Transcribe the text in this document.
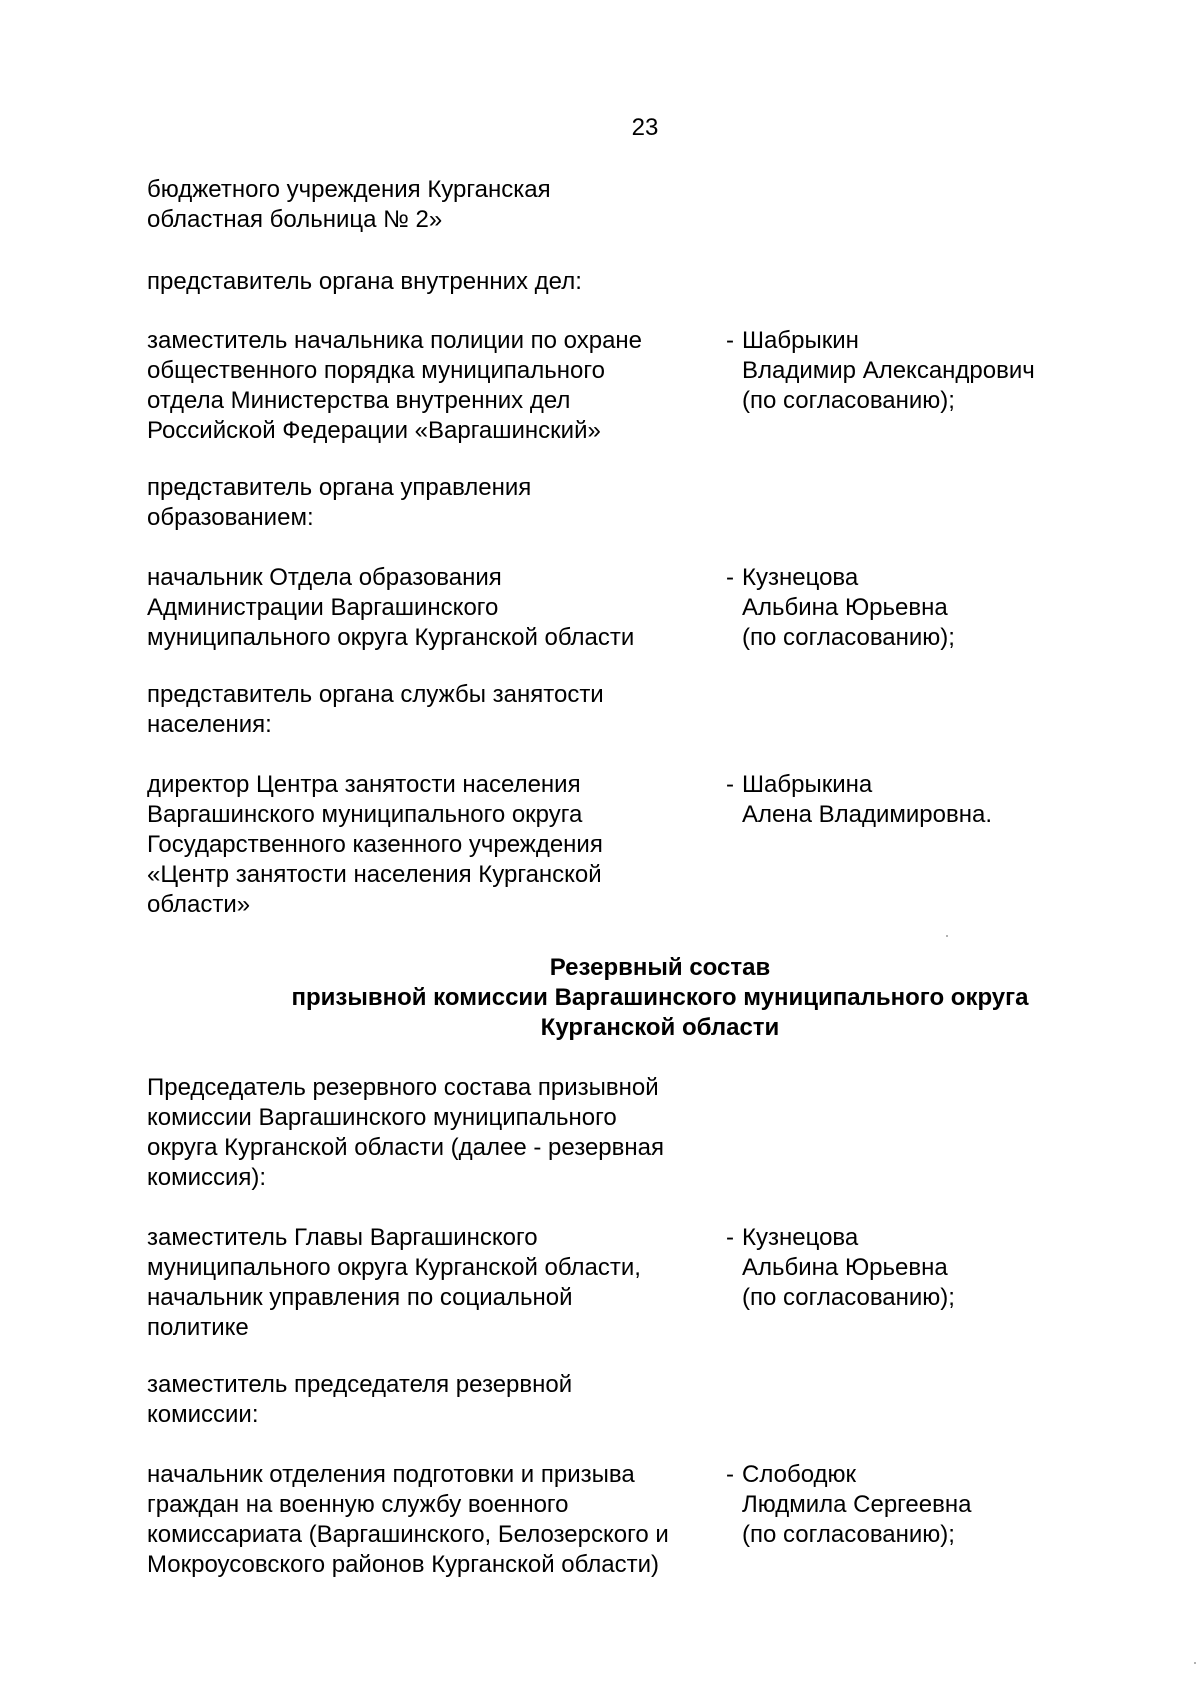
23
бюджетного учреждения Курганская
областная больница № 2»
представитель органа внутренних дел:
заместитель начальника полиции по охране
общественного порядка муниципального
отдела Министерства внутренних дел
Российской Федерации «Варгашинский»
- Шабрыкин
Владимир Александрович
(по согласованию);
представитель органа управления
образованием:
начальник Отдела образования
Администрации Варгашинского
муниципального округа Курганской области
- Кузнецова
Альбина Юрьевна
(по согласованию);
представитель органа службы занятости
населения:
директор Центра занятости населения
Варгашинского муниципального округа
Государственного казенного учреждения
«Центр занятости населения Курганской
области»
- Шабрыкина
Алена Владимировна.
Резервный состав
призывной комиссии Варгашинского муниципального округа
Курганской области
Председатель резервного состава призывной
комиссии Варгашинского муниципального
округа Курганской области (далее - резервная
комиссия):
заместитель Главы Варгашинского
муниципального округа Курганской области,
начальник управления по социальной
политике
- Кузнецова
Альбина Юрьевна
(по согласованию);
заместитель председателя резервной
комиссии:
начальник отделения подготовки и призыва
граждан на военную службу военного
комиссариата (Варгашинского, Белозерского и
Мокроусовского районов Курганской области)
- Слободюк
Людмила Сергеевна
(по согласованию);
